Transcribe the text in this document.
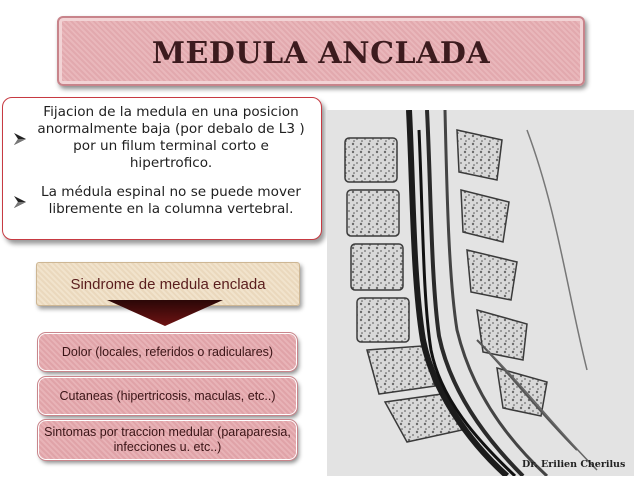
MEDULA ANCLADA
Fijacion de la medula en una posicion anormalmente baja (por debalo de L3 ) por un filum terminal corto e hipertrofico.
La médula espinal no se puede mover libremente en la columna vertebral.
Sindrome de medula enclada
Dolor (locales, referidos o radiculares)
Cutaneas (hipertricosis, maculas, etc..)
Sintomas por traccion medular (paraparesia, infecciones u. etc..)
Dr. Erilien Cherilus
